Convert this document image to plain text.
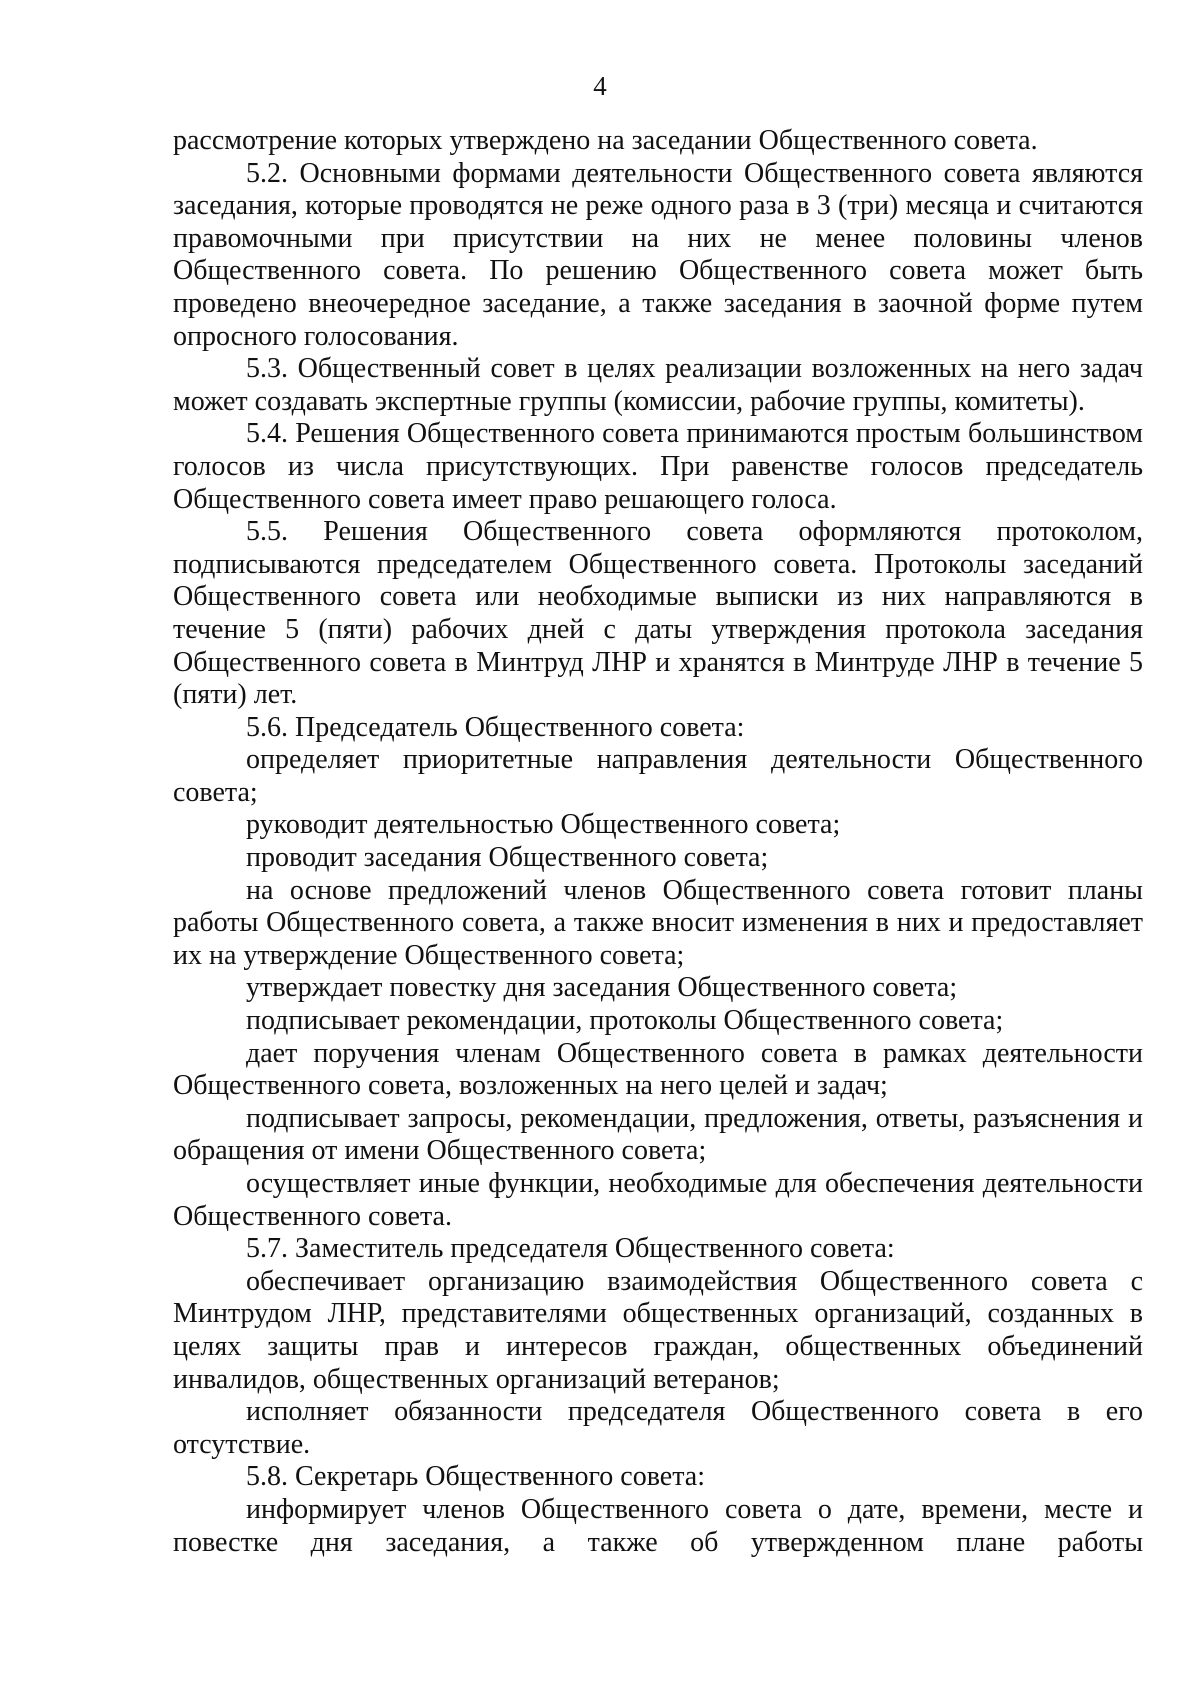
4

рассмотрение которых утверждено на заседании Общественного совета.

5.2. Основными формами деятельности Общественного совета являются заседания, которые проводятся не реже одного раза в 3 (три) месяца и считаются правомочными при присутствии на них не менее половины членов Общественного совета. По решению Общественного совета может быть проведено внеочередное заседание, а также заседания в заочной форме путем опросного голосования.

5.3. Общественный совет в целях реализации возложенных на него задач может создавать экспертные группы (комиссии, рабочие группы, комитеты).

5.4. Решения Общественного совета принимаются простым большинством голосов из числа присутствующих. При равенстве голосов председатель Общественного совета имеет право решающего голоса.

5.5. Решения Общественного совета оформляются протоколом, подписываются председателем Общественного совета. Протоколы заседаний Общественного совета или необходимые выписки из них направляются в течение 5 (пяти) рабочих дней с даты утверждения протокола заседания Общественного совета в Минтруд ЛНР и хранятся в Минтруде ЛНР в течение 5 (пяти) лет.

5.6. Председатель Общественного совета:

определяет приоритетные направления деятельности Общественного совета;

руководит деятельностью Общественного совета;

проводит заседания Общественного совета;

на основе предложений членов Общественного совета готовит планы работы Общественного совета, а также вносит изменения в них и предоставляет их на утверждение Общественного совета;

утверждает повестку дня заседания Общественного совета;

подписывает рекомендации, протоколы Общественного совета;

дает поручения членам Общественного совета в рамках деятельности Общественного совета, возложенных на него целей и задач;

подписывает запросы, рекомендации, предложения, ответы, разъяснения и обращения от имени Общественного совета;

осуществляет иные функции, необходимые для обеспечения деятельности Общественного совета.

5.7. Заместитель председателя Общественного совета:

обеспечивает организацию взаимодействия Общественного совета с Минтрудом ЛНР, представителями общественных организаций, созданных в целях защиты прав и интересов граждан, общественных объединений инвалидов, общественных организаций ветеранов;

исполняет обязанности председателя Общественного совета в его отсутствие.

5.8. Секретарь Общественного совета:

информирует членов Общественного совета о дате, времени, месте и повестке дня заседания, а также об утвержденном плане работы
